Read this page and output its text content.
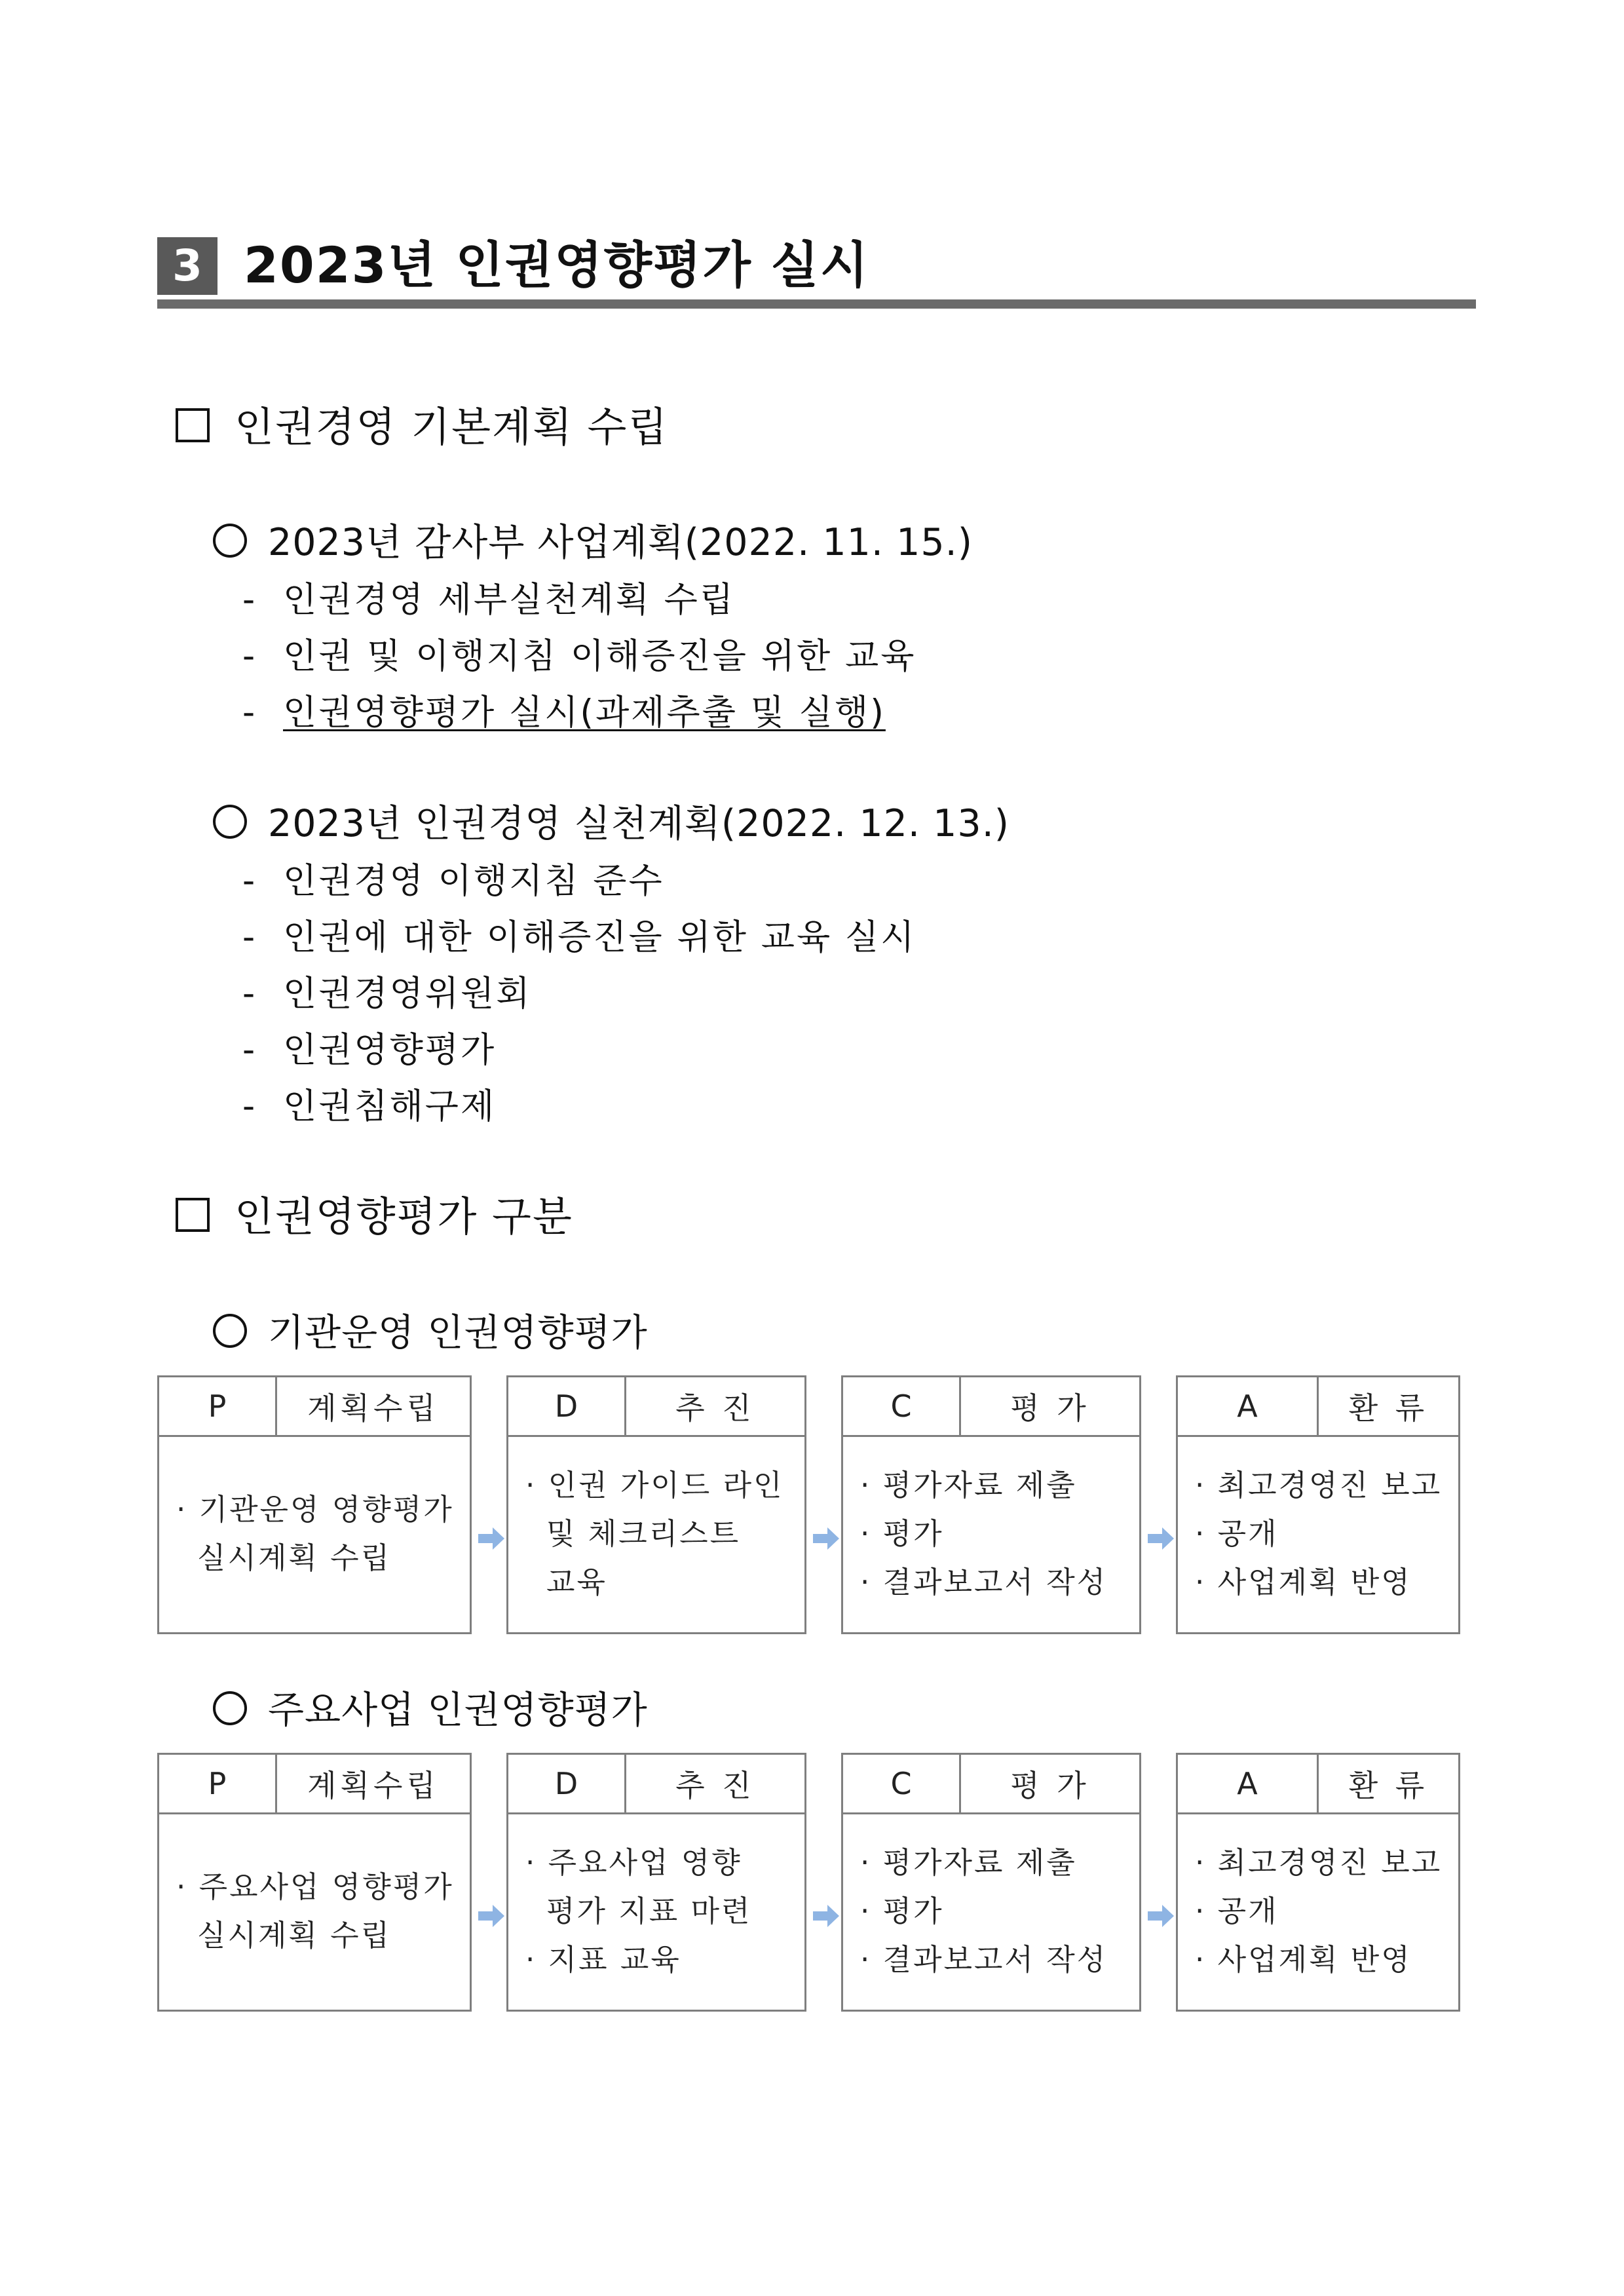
3 2023년 인권영향평가 실시
인권경영 기본계획 수립
2023년 감사부 사업계획(2022. 11. 15.)
- 인권경영 세부실천계획 수립
- 인권 및 이행지침 이해증진을 위한 교육
- 인권영향평가 실시(과제추출 및 실행)
2023년 인권경영 실천계획(2022. 12. 13.)
- 인권경영 이행지침 준수
- 인권에 대한 이해증진을 위한 교육 실시
- 인권경영위원회
- 인권영향평가
- 인권침해구제
인권영향평가 구분
기관운영 인권영향평가
주요사업 인권영향평가
P	계획수립
· 기관운영 영향평가
실시계획 수립
D	추 진
· 인권 가이드 라인
및 체크리스트
교육
C	평 가
· 평가자료 제출
· 평가
· 결과보고서 작성
A	환 류
· 최고경영진 보고
· 공개
· 사업계획 반영
P	계획수립
· 주요사업 영향평가
실시계획 수립
D	추 진
· 주요사업 영향
평가 지표 마련
· 지표 교육
C	평 가
· 평가자료 제출
· 평가
· 결과보고서 작성
A	환 류
· 최고경영진 보고
· 공개
· 사업계획 반영
